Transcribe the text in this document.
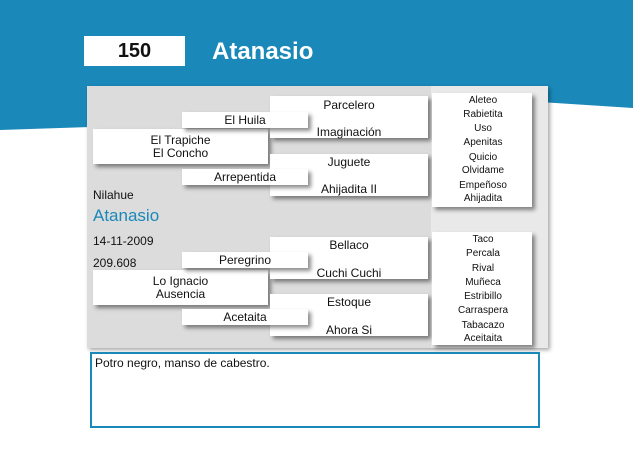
150	Atanasio
Nilahue
Atanasio
14-11-2009
209.608
El Trapiche
El Concho
Lo Ignacio
Ausencia
Parcelero
Imaginación
Juguete
Ahijadita II
Bellaco
Cuchi Cuchi
Estoque
Ahora Si
El Huila
Arrepentida
Peregrino
Acetaita
Aleteo
Rabietita
Uso
Apenitas
Quicio
Olvidame
Empeñoso
Ahijadita
Taco
Percala
Rival
Muñeca
Estribillo
Carraspera
Tabacazo
Aceitaita
Potro negro, manso de cabestro.
